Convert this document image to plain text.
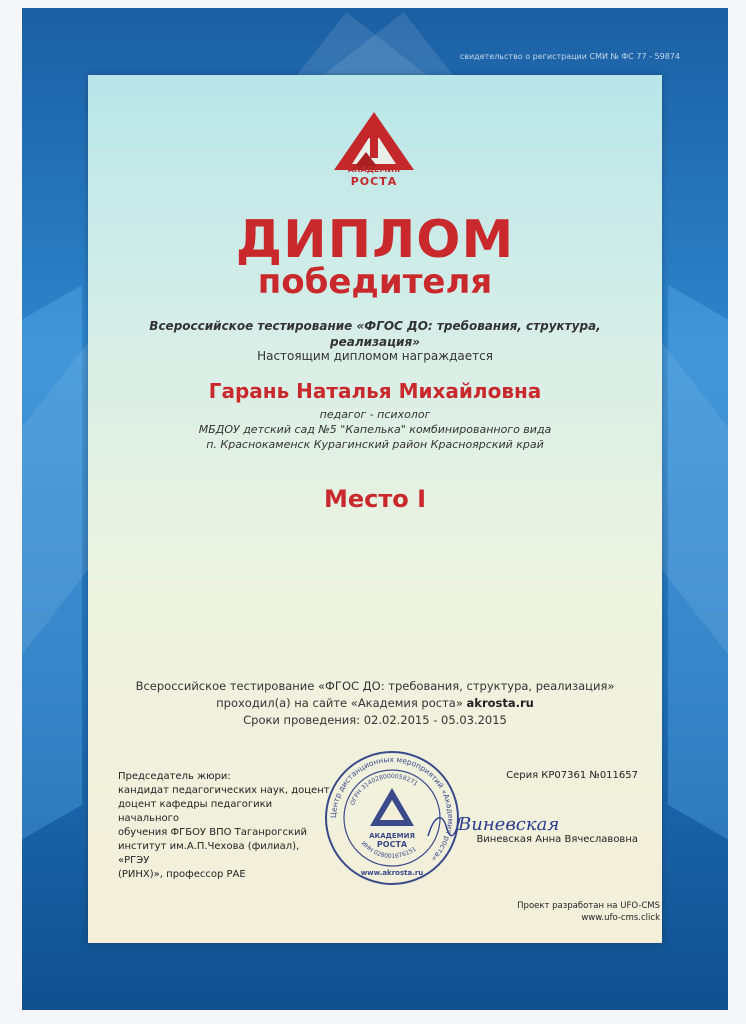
свидетельство о регистрации СМИ № ФС 77 - 59874
АКАДЕМИЯ
РОСТА
ДИПЛОМ
победителя
Всероссийское тестирование «ФГОС ДО: требования, структура,
реализация»
Настоящим дипломом награждается
Гарань Наталья Михайловна
педагог - психолог
МБДОУ детский сад №5 "Капелька" комбинированного вида
п. Краснокаменск Курагинский район Красноярский край
Место I
Всероссийское тестирование «ФГОС ДО: требования, структура, реализация»
проходил(а) на сайте «Академия роста» akrosta.ru
Сроки проведения: 02.02.2015 - 05.03.2015
Председатель жюри:
кандидат педагогических наук, доцент,
доцент кафедры педагогики начального
обучения ФГБОУ ВПО Таганрогский
институт им.А.П.Чехова (филиал), «РГЭУ
(РИНХ)», профессор РАЕ
Серия КР07361 №011657
Центр дистанционных мероприятий «Академия роста»
ОГРН 314028000058271
ИНН 028001676151
АКАДЕМИЯ
РОСТА
www.akrosta.ru
Виневская
Виневская Анна Вячеславовна
Проект разработан на UFO-CMS
www.ufo-cms.click
